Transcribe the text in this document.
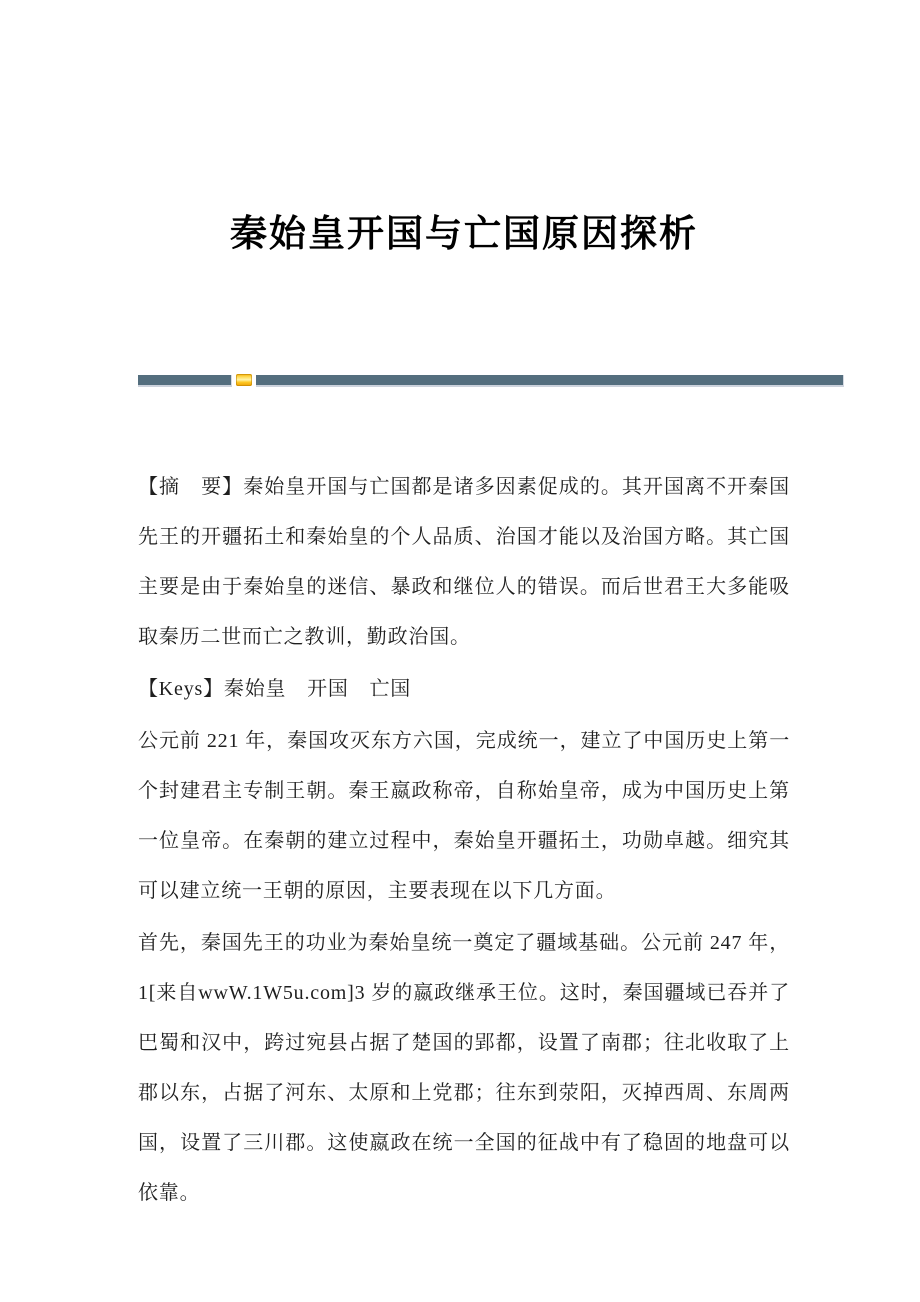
秦始皇开国与亡国原因探析

【摘　要】秦始皇开国与亡国都是诸多因素促成的。其开国离不开秦国先王的开疆拓土和秦始皇的个人品质、治国才能以及治国方略。其亡国主要是由于秦始皇的迷信、暴政和继位人的错误。而后世君王大多能吸取秦历二世而亡之教训，勤政治国。

【Keys】秦始皇　开国　亡国

公元前 221 年，秦国攻灭东方六国，完成统一，建立了中国历史上第一个封建君主专制王朝。秦王嬴政称帝，自称始皇帝，成为中国历史上第一位皇帝。在秦朝的建立过程中，秦始皇开疆拓土，功勋卓越。细究其可以建立统一王朝的原因，主要表现在以下几方面。

首先，秦国先王的功业为秦始皇统一奠定了疆域基础。公元前 247 年，1[来自wwW.1W5u.com]3 岁的嬴政继承王位。这时，秦国疆域已吞并了巴蜀和汉中，跨过宛县占据了楚国的郢都，设置了南郡；往北收取了上郡以东，占据了河东、太原和上党郡；往东到荥阳，灭掉西周、东周两国，设置了三川郡。这使嬴政在统一全国的征战中有了稳固的地盘可以依靠。
